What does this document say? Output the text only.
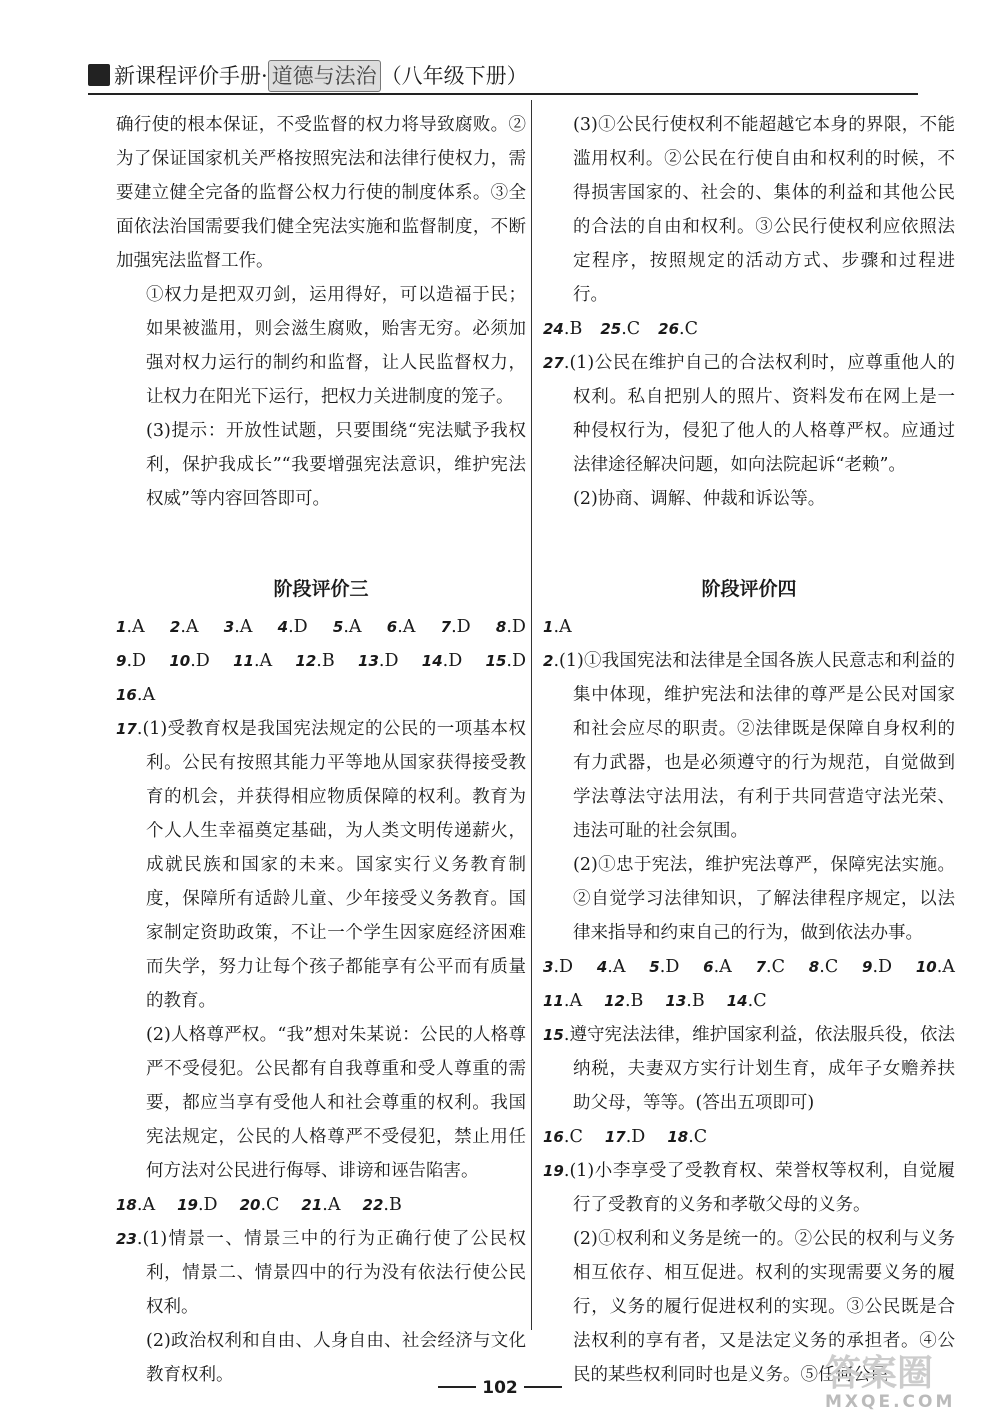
新课程评价手册· 道德与法治 （八年级下册）

确行使的根本保证，不受监督的权力将导致腐败。②为了保证国家机关严格按照宪法和法律行使权力，需要建立健全完备的监督公权力行使的制度体系。③全面依法治国需要我们健全宪法实施和监督制度，不断加强宪法监督工作。

①权力是把双刃剑，运用得好，可以造福于民；如果被滥用，则会滋生腐败，贻害无穷。必须加强对权力运行的制约和监督，让人民监督权力，让权力在阳光下运行，把权力关进制度的笼子。

(3)提示：开放性试题，只要围绕“宪法赋予我权利，保护我成长”“我要增强宪法意识，维护宪法权威”等内容回答即可。

阶段评价三

1.A 2.A 3.A 4.D 5.A 6.A 7.D 8.D
9.D 10.D 11.A 12.B 13.D 14.D 15.D

16.A

17.(1)受教育权是我国宪法规定的公民的一项基本权利。公民有按照其能力平等地从国家获得接受教育的机会，并获得相应物质保障的权利。教育为个人人生幸福奠定基础，为人类文明传递薪火，成就民族和国家的未来。国家实行义务教育制度，保障所有适龄儿童、少年接受义务教育。国家制定资助政策，不让一个学生因家庭经济困难而失学，努力让每个孩子都能享有公平而有质量的教育。

(2)人格尊严权。“我”想对朱某说：公民的人格尊严不受侵犯。公民都有自我尊重和受人尊重的需要，都应当享有受他人和社会尊重的权利。我国宪法规定，公民的人格尊严不受侵犯，禁止用任何方法对公民进行侮辱、诽谤和诬告陷害。

18.A 19.D 20.C 21.A 22.B

23.(1)情景一、情景三中的行为正确行使了公民权利，情景二、情景四中的行为没有依法行使公民权利。

(2)政治权利和自由、人身自由、社会经济与文化教育权利。

(3)①公民行使权利不能超越它本身的界限，不能滥用权利。②公民在行使自由和权利的时候，不得损害国家的、社会的、集体的利益和其他公民的合法的自由和权利。③公民行使权利应依照法定程序，按照规定的活动方式、步骤和过程进行。

24.B 25.C 26.C

27.(1)公民在维护自己的合法权利时，应尊重他人的权利。私自把别人的照片、资料发布在网上是一种侵权行为，侵犯了他人的人格尊严权。应通过法律途径解决问题，如向法院起诉“老赖”。

(2)协商、调解、仲裁和诉讼等。

阶段评价四

1.A

2.(1)①我国宪法和法律是全国各族人民意志和利益的集中体现，维护宪法和法律的尊严是公民对国家和社会应尽的职责。②法律既是保障自身权利的有力武器，也是必须遵守的行为规范，自觉做到学法尊法守法用法，有利于共同营造守法光荣、违法可耻的社会氛围。

(2)①忠于宪法，维护宪法尊严，保障宪法实施。②自觉学习法律知识，了解法律程序规定，以法律来指导和约束自己的行为，做到依法办事。

3.D 4.A 5.D 6.A 7.C 8.C 9.D 10.A
11.A 12.B 13.B 14.C

15.遵守宪法法律，维护国家利益，依法服兵役，依法纳税，夫妻双方实行计划生育，成年子女赡养扶助父母，等等。(答出五项即可)

16.C 17.D 18.C

19.(1)小李享受了受教育权、荣誉权等权利，自觉履行了受教育的义务和孝敬父母的义务。

(2)①权利和义务是统一的。②公民的权利与义务相互依存、相互促进。权利的实现需要义务的履行，义务的履行促进权利的实现。③公民既是合法权利的享有者，又是法定义务的承担者。④公民的某些权利同时也是义务。⑤任何公民

102	答案圈
MXQE.COM
